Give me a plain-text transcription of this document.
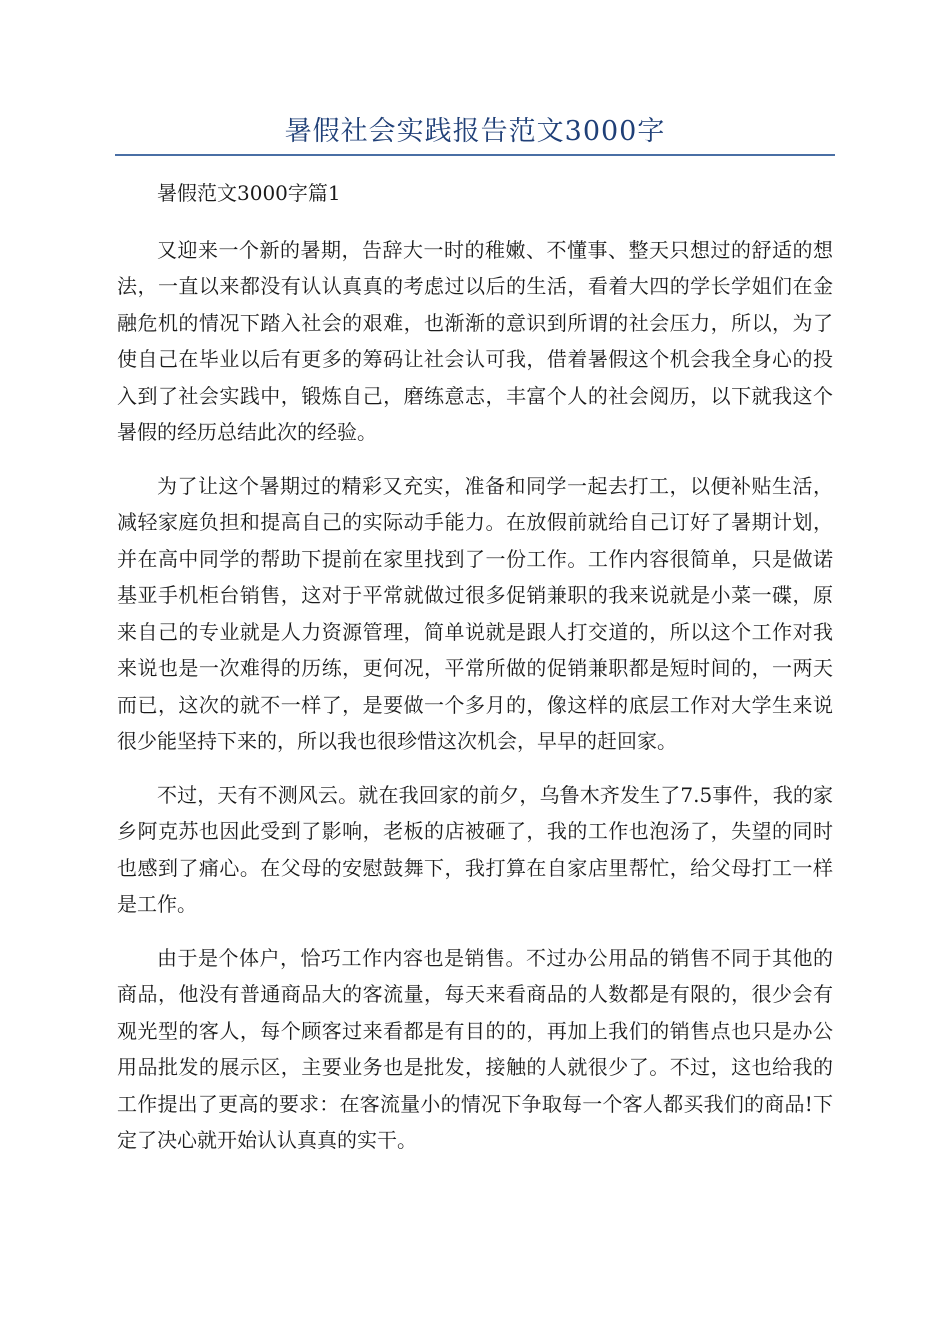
暑假社会实践报告范文3000字

暑假范文3000字篇1

又迎来一个新的暑期，告辞大一时的稚嫩、不懂事、整天只想过的舒适的想法，一直以来都没有认认真真的考虑过以后的生活，看着大四的学长学姐们在金融危机的情况下踏入社会的艰难，也渐渐的意识到所谓的社会压力，所以，为了使自己在毕业以后有更多的筹码让社会认可我，借着暑假这个机会我全身心的投入到了社会实践中，锻炼自己，磨练意志，丰富个人的社会阅历，以下就我这个暑假的经历总结此次的经验。

为了让这个暑期过的精彩又充实，准备和同学一起去打工，以便补贴生活，减轻家庭负担和提高自己的实际动手能力。在放假前就给自己订好了暑期计划，并在高中同学的帮助下提前在家里找到了一份工作。工作内容很简单，只是做诺基亚手机柜台销售，这对于平常就做过很多促销兼职的我来说就是小菜一碟，原来自己的专业就是人力资源管理，简单说就是跟人打交道的，所以这个工作对我来说也是一次难得的历练，更何况，平常所做的促销兼职都是短时间的，一两天而已，这次的就不一样了，是要做一个多月的，像这样的底层工作对大学生来说很少能坚持下来的，所以我也很珍惜这次机会，早早的赶回家。

不过，天有不测风云。就在我回家的前夕，乌鲁木齐发生了7.5事件，我的家乡阿克苏也因此受到了影响，老板的店被砸了，我的工作也泡汤了，失望的同时也感到了痛心。在父母的安慰鼓舞下，我打算在自家店里帮忙，给父母打工一样是工作。

由于是个体户，恰巧工作内容也是销售。不过办公用品的销售不同于其他的商品，他没有普通商品大的客流量，每天来看商品的人数都是有限的，很少会有观光型的客人，每个顾客过来看都是有目的的，再加上我们的销售点也只是办公用品批发的展示区，主要业务也是批发，接触的人就很少了。不过，这也给我的工作提出了更高的要求：在客流量小的情况下争取每一个客人都买我们的商品!下定了决心就开始认认真真的实干。
